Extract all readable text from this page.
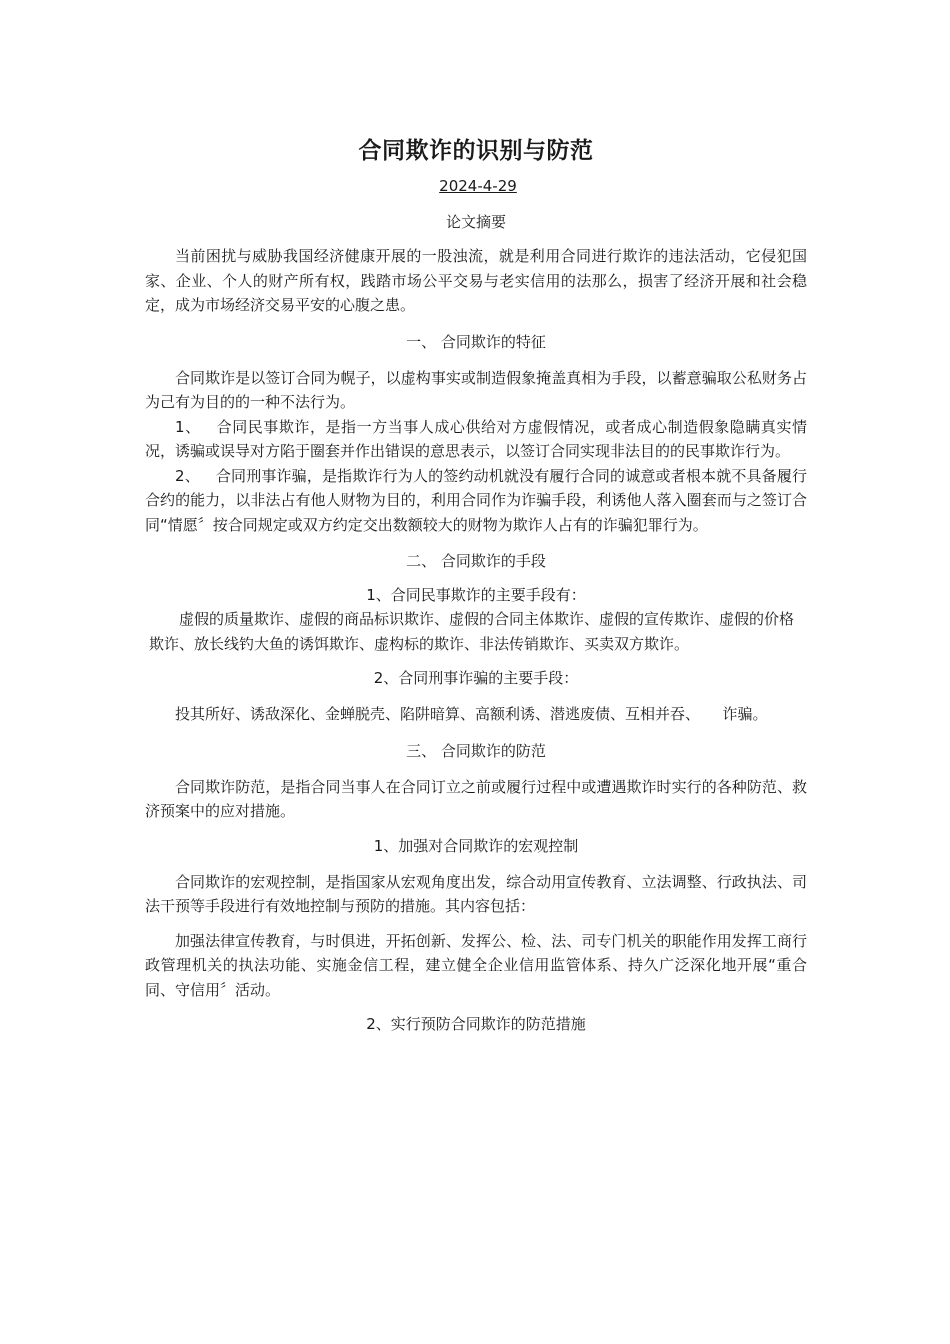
合同欺诈的识别与防范
2024-4-29
论文摘要

当前困扰与威胁我国经济健康开展的一股浊流，就是利用合同进行欺诈的违法活动，它侵犯国家、企业、个人的财产所有权，践踏市场公平交易与老实信用的法那么，损害了经济开展和社会稳定，成为市场经济交易平安的心腹之患。

一、 合同欺诈的特征

合同欺诈是以签订合同为幌子，以虚构事实或制造假象掩盖真相为手段，以蓄意骗取公私财务占为己有为目的的一种不法行为。

1、 合同民事欺诈，是指一方当事人成心供给对方虚假情况，或者成心制造假象隐瞒真实情况，诱骗或误导对方陷于圈套并作出错误的意思表示，以签订合同实现非法目的的民事欺诈行为。

2、 合同刑事诈骗，是指欺诈行为人的签约动机就没有履行合同的诚意或者根本就不具备履行合约的能力，以非法占有他人财物为目的，利用合同作为诈骗手段，利诱他人落入圈套而与之签订合同“情愿〞按合同规定或双方约定交出数额较大的财物为欺诈人占有的诈骗犯罪行为。

二、 合同欺诈的手段
1、合同民事欺诈的主要手段有：

虚假的质量欺诈、虚假的商品标识欺诈、虚假的合同主体欺诈、虚假的宣传欺诈、虚假的价格欺诈、放长线钓大鱼的诱饵欺诈、虚构标的欺诈、非法传销欺诈、买卖双方欺诈。

2、合同刑事诈骗的主要手段：

投其所好、诱敌深化、金蝉脱壳、陷阱暗算、高额利诱、潜逃废债、互相并吞、　　诈骗。

三、 合同欺诈的防范

合同欺诈防范，是指合同当事人在合同订立之前或履行过程中或遭遇欺诈时实行的各种防范、救济预案中的应对措施。

1、加强对合同欺诈的宏观控制

合同欺诈的宏观控制，是指国家从宏观角度出发，综合动用宣传教育、立法调整、行政执法、司法干预等手段进行有效地控制与预防的措施。其内容包括：

加强法律宣传教育，与时俱进，开拓创新、发挥公、检、法、司专门机关的职能作用发挥工商行政管理机关的执法功能、实施金信工程，建立健全企业信用监管体系、持久广泛深化地开展“重合同、守信用〞活动。

2、实行预防合同欺诈的防范措施
